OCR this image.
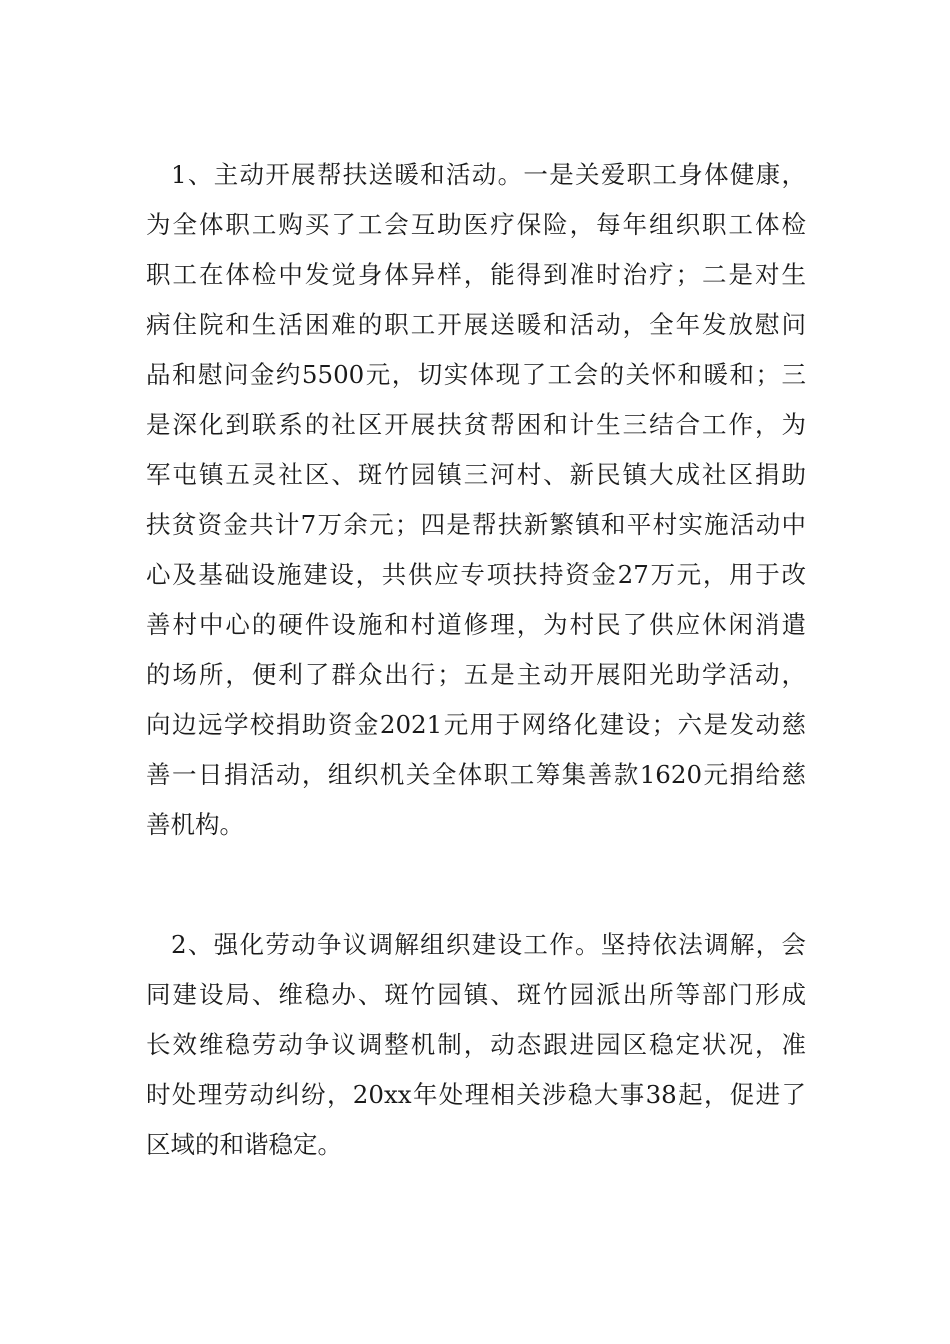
1、主动开展帮扶送暖和活动。一是关爱职工身体健康，
为全体职工购买了工会互助医疗保险，每年组织职工体检
职工在体检中发觉身体异样，能得到准时治疗；二是对生
病住院和生活困难的职工开展送暖和活动，全年发放慰问
品和慰问金约5500元，切实体现了工会的关怀和暖和；三
是深化到联系的社区开展扶贫帮困和计生三结合工作，为
军屯镇五灵社区、斑竹园镇三河村、新民镇大成社区捐助
扶贫资金共计7万余元；四是帮扶新繁镇和平村实施活动中
心及基础设施建设，共供应专项扶持资金27万元，用于改
善村中心的硬件设施和村道修理，为村民了供应休闲消遣
的场所，便利了群众出行；五是主动开展阳光助学活动，
向边远学校捐助资金2021元用于网络化建设；六是发动慈
善一日捐活动，组织机关全体职工筹集善款1620元捐给慈
善机构。
2、强化劳动争议调解组织建设工作。坚持依法调解，会
同建设局、维稳办、斑竹园镇、斑竹园派出所等部门形成
长效维稳劳动争议调整机制，动态跟进园区稳定状况，准
时处理劳动纠纷，20xx年处理相关涉稳大事38起，促进了
区域的和谐稳定。
